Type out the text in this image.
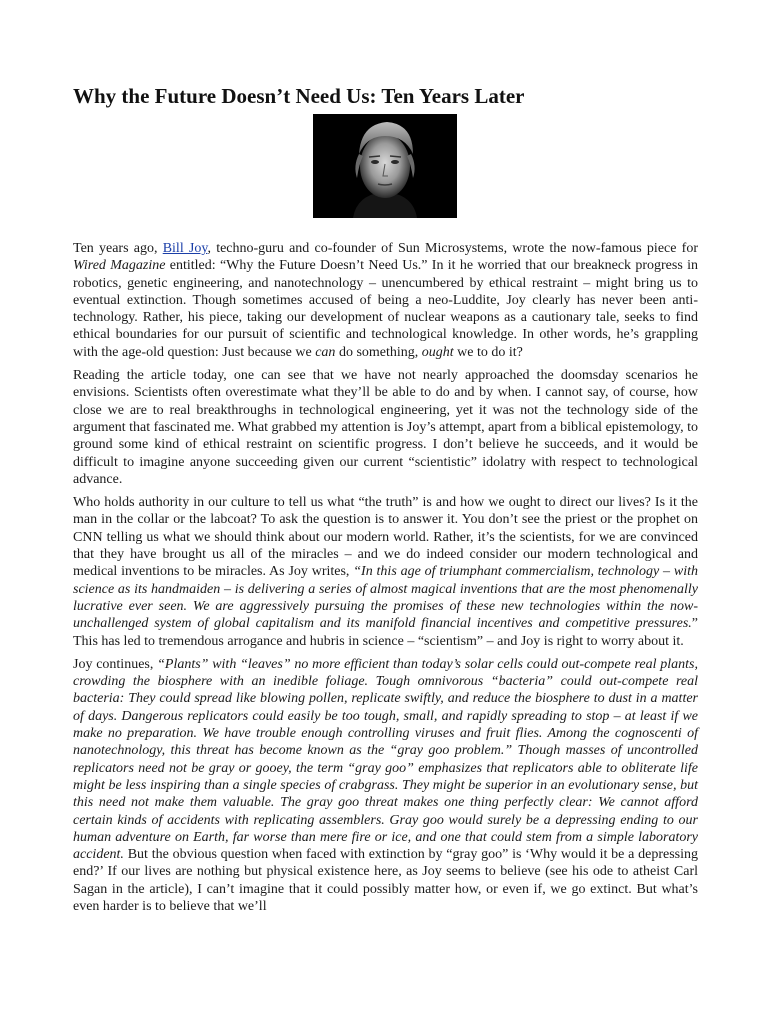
Why the Future Doesn’t Need Us: Ten Years Later

Ten years ago, Bill Joy, techno-guru and co-founder of Sun Microsystems, wrote the now-famous piece for Wired Magazine entitled: “Why the Future Doesn’t Need Us.” In it he worried that our breakneck progress in robotics, genetic engineering, and nanotechnology – unencumbered by ethical restraint – might bring us to eventual extinction. Though sometimes accused of being a neo-Luddite, Joy clearly has never been anti-technology. Rather, his piece, taking our development of nuclear weapons as a cautionary tale, seeks to find ethical boundaries for our pursuit of scientific and technological knowledge. In other words, he’s grappling with the age-old question: Just because we can do something, ought we to do it?

Reading the article today, one can see that we have not nearly approached the doomsday scenarios he envisions. Scientists often overestimate what they’ll be able to do and by when. I cannot say, of course, how close we are to real breakthroughs in technological engineering, yet it was not the technology side of the argument that fascinated me. What grabbed my attention is Joy’s attempt, apart from a biblical epistemology, to ground some kind of ethical restraint on scientific progress. I don’t believe he succeeds, and it would be difficult to imagine anyone succeeding given our current “scientistic” idolatry with respect to technological advance.

Who holds authority in our culture to tell us what “the truth” is and how we ought to direct our lives? Is it the man in the collar or the labcoat? To ask the question is to answer it. You don’t see the priest or the prophet on CNN telling us what we should think about our modern world. Rather, it’s the scientists, for we are convinced that they have brought us all of the miracles – and we do indeed consider our modern technological and medical inventions to be miracles. As Joy writes, “In this age of triumphant commercialism, technology – with science as its handmaiden – is delivering a series of almost magical inventions that are the most phenomenally lucrative ever seen. We are aggressively pursuing the promises of these new technologies within the now-unchallenged system of global capitalism and its manifold financial incentives and competitive pressures.” This has led to tremendous arrogance and hubris in science – “scientism” – and Joy is right to worry about it.

Joy continues, “Plants” with “leaves” no more efficient than today’s solar cells could out-compete real plants, crowding the biosphere with an inedible foliage. Tough omnivorous “bacteria” could out-compete real bacteria: They could spread like blowing pollen, replicate swiftly, and reduce the biosphere to dust in a matter of days. Dangerous replicators could easily be too tough, small, and rapidly spreading to stop – at least if we make no preparation. We have trouble enough controlling viruses and fruit flies. Among the cognoscenti of nanotechnology, this threat has become known as the “gray goo problem.” Though masses of uncontrolled replicators need not be gray or gooey, the term “gray goo” emphasizes that replicators able to obliterate life might be less inspiring than a single species of crabgrass. They might be superior in an evolutionary sense, but this need not make them valuable. The gray goo threat makes one thing perfectly clear: We cannot afford certain kinds of accidents with replicating assemblers. Gray goo would surely be a depressing ending to our human adventure on Earth, far worse than mere fire or ice, and one that could stem from a simple laboratory accident. But the obvious question when faced with extinction by “gray goo” is ‘Why would it be a depressing end?’ If our lives are nothing but physical existence here, as Joy seems to believe (see his ode to atheist Carl Sagan in the article), I can’t imagine that it could possibly matter how, or even if, we go extinct. But what’s even harder is to believe that we’ll
